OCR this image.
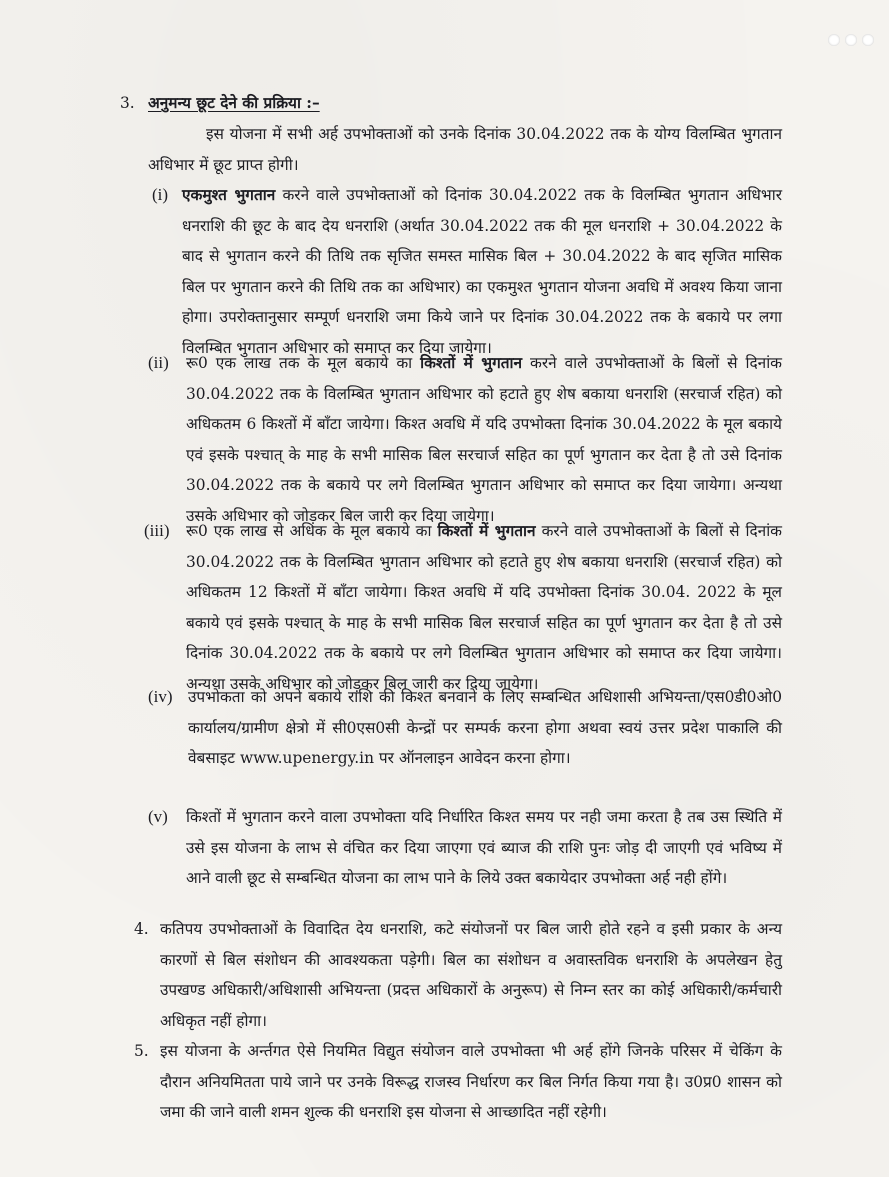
3. अनुमन्य छूट देने की प्रक्रिया :–
इस योजना में सभी अर्ह उपभोक्ताओं को उनके दिनांक 30.04.2022 तक के योग्य विलम्बित भुगतान अधिभार में छूट प्राप्त होगी।
(i) एकमुश्त भुगतान करने वाले उपभोक्ताओं को दिनांक 30.04.2022 तक के विलम्बित भुगतान अधिभार धनराशि की छूट के बाद देय धनराशि (अर्थात 30.04.2022 तक की मूल धनराशि + 30.04.2022 के बाद से भुगतान करने की तिथि तक सृजित समस्त मासिक बिल + 30.04.2022 के बाद सृजित मासिक बिल पर भुगतान करने की तिथि तक का अधिभार) का एकमुश्त भुगतान योजना अवधि में अवश्य किया जाना होगा। उपरोक्तानुसार सम्पूर्ण धनराशि जमा किये जाने पर दिनांक 30.04.2022 तक के बकाये पर लगा विलम्बित भुगतान अधिभार को समाप्त कर दिया जायेगा।
(ii) रू0 एक लाख तक के मूल बकाये का किश्तों में भुगतान करने वाले उपभोक्ताओं के बिलों से दिनांक 30.04.2022 तक के विलम्बित भुगतान अधिभार को हटाते हुए शेष बकाया धनराशि (सरचार्ज रहित) को अधिकतम 6 किश्तों में बाँटा जायेगा। किश्त अवधि में यदि उपभोक्ता दिनांक 30.04.2022 के मूल बकाये एवं इसके पश्चात् के माह के सभी मासिक बिल सरचार्ज सहित का पूर्ण भुगतान कर देता है तो उसे दिनांक 30.04.2022 तक के बकाये पर लगे विलम्बित भुगतान अधिभार को समाप्त कर दिया जायेगा। अन्यथा उसके अधिभार को जोड़कर बिल जारी कर दिया जायेगा।
(iii) रू0 एक लाख से अधिक के मूल बकाये का किश्तों में भुगतान करने वाले उपभोक्ताओं के बिलों से दिनांक 30.04.2022 तक के विलम्बित भुगतान अधिभार को हटाते हुए शेष बकाया धनराशि (सरचार्ज रहित) को अधिकतम 12 किश्तों में बाँटा जायेगा। किश्त अवधि में यदि उपभोक्ता दिनांक 30.04. 2022 के मूल बकाये एवं इसके पश्चात् के माह के सभी मासिक बिल सरचार्ज सहित का पूर्ण भुगतान कर देता है तो उसे दिनांक 30.04.2022 तक के बकाये पर लगे विलम्बित भुगतान अधिभार को समाप्त कर दिया जायेगा। अन्यथा उसके अधिभार को जोड़कर बिल जारी कर दिया जायेगा।
(iv) उपभोकता को अपने बकाये राशि की किश्त बनवाने के लिए सम्बन्धित अधिशासी अभियन्ता/एस0डी0ओ0 कार्यालय/ग्रामीण क्षेत्रो में सी0एस0सी केन्द्रों पर सम्पर्क करना होगा अथवा स्वयं उत्तर प्रदेश पाकालि की वेबसाइट www.upenergy.in पर ऑनलाइन आवेदन करना होगा।
(v) किश्तों में भुगतान करने वाला उपभोक्ता यदि निर्धारित किश्त समय पर नही जमा करता है तब उस स्थिति में उसे इस योजना के लाभ से वंचित कर दिया जाएगा एवं ब्याज की राशि पुनः जोड़ दी जाएगी एवं भविष्य में आने वाली छूट से सम्बन्धित योजना का लाभ पाने के लिये उक्त बकायेदार उपभोक्ता अर्ह नही होंगे।
4. कतिपय उपभोक्ताओं के विवादित देय धनराशि, कटे संयोजनों पर बिल जारी होते रहने व इसी प्रकार के अन्य कारणों से बिल संशोधन की आवश्यकता पड़ेगी। बिल का संशोधन व अवास्तविक धनराशि के अपलेखन हेतु उपखण्ड अधिकारी/अधिशासी अभियन्ता (प्रदत्त अधिकारों के अनुरूप) से निम्न स्तर का कोई अधिकारी/कर्मचारी अधिकृत नहीं होगा।
5. इस योजना के अर्न्तगत ऐसे नियमित विद्युत संयोजन वाले उपभोक्ता भी अर्ह होंगे जिनके परिसर में चेकिंग के दौरान अनियमितता पाये जाने पर उनके विरूद्ध राजस्व निर्धारण कर बिल निर्गत किया गया है। उ0प्र0 शासन को जमा की जाने वाली शमन शुल्क की धनराशि इस योजना से आच्छादित नहीं रहेगी।
